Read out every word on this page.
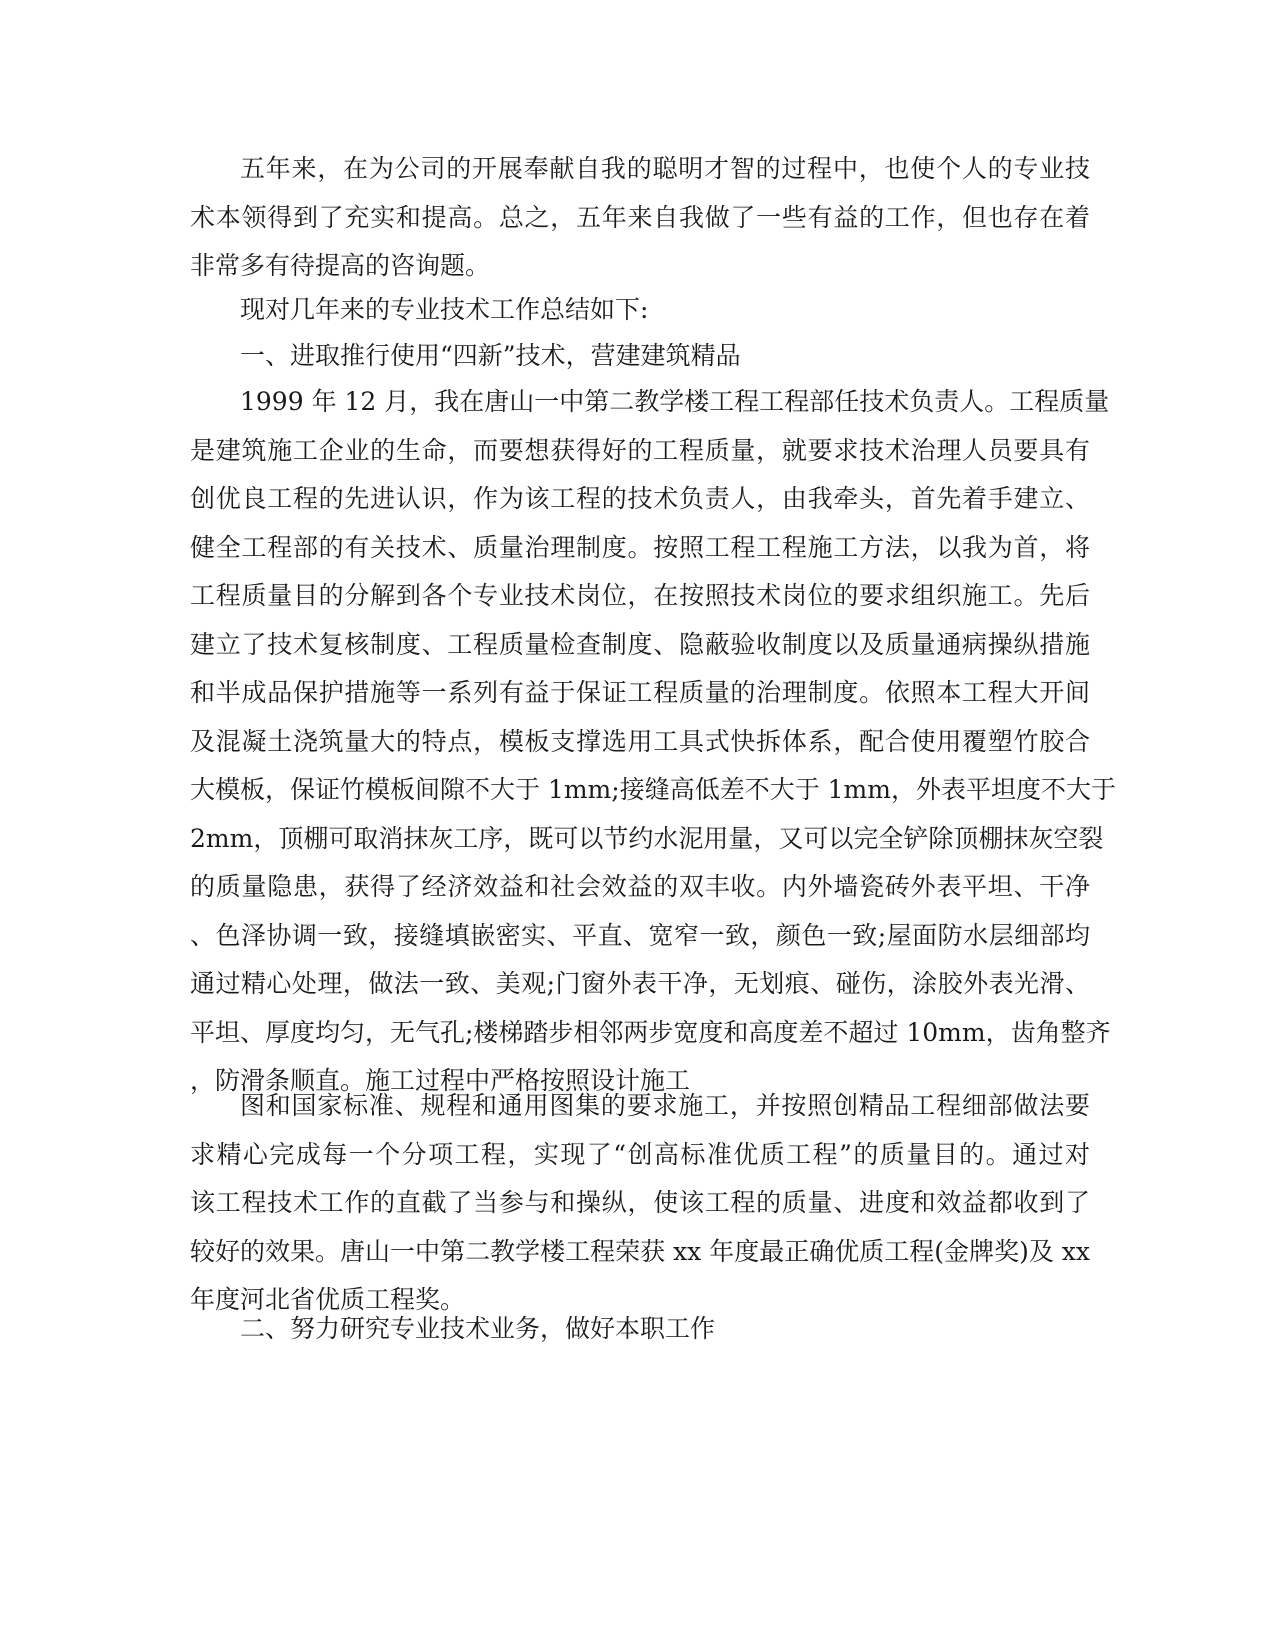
五年来，在为公司的开展奉献自我的聪明才智的过程中，也使个人的专业技
术本领得到了充实和提高。总之，五年来自我做了一些有益的工作，但也存在着
非常多有待提高的咨询题。
现对几年来的专业技术工作总结如下:
一、进取推行使用“四新”技术，营建建筑精品
1999 年 12 月，我在唐山一中第二教学楼工程工程部任技术负责人。工程质量
是建筑施工企业的生命，而要想获得好的工程质量，就要求技术治理人员要具有
创优良工程的先进认识，作为该工程的技术负责人，由我牵头，首先着手建立、
健全工程部的有关技术、质量治理制度。按照工程工程施工方法，以我为首，将
工程质量目的分解到各个专业技术岗位，在按照技术岗位的要求组织施工。先后
建立了技术复核制度、工程质量检查制度、隐蔽验收制度以及质量通病操纵措施
和半成品保护措施等一系列有益于保证工程质量的治理制度。依照本工程大开间
及混凝土浇筑量大的特点，模板支撑选用工具式快拆体系，配合使用覆塑竹胶合
大模板，保证竹模板间隙不大于 1mm;接缝高低差不大于 1mm，外表平坦度不大于
2mm，顶棚可取消抹灰工序，既可以节约水泥用量，又可以完全铲除顶棚抹灰空裂
的质量隐患，获得了经济效益和社会效益的双丰收。内外墙瓷砖外表平坦、干净
、色泽协调一致，接缝填嵌密实、平直、宽窄一致，颜色一致;屋面防水层细部均
通过精心处理，做法一致、美观;门窗外表干净，无划痕、碰伤，涂胶外表光滑、
平坦、厚度均匀，无气孔;楼梯踏步相邻两步宽度和高度差不超过 10mm，齿角整齐
，防滑条顺直。施工过程中严格按照设计施工
图和国家标准、规程和通用图集的要求施工，并按照创精品工程细部做法要
求精心完成每一个分项工程，实现了“创高标准优质工程”的质量目的。通过对
该工程技术工作的直截了当参与和操纵，使该工程的质量、进度和效益都收到了
较好的效果。唐山一中第二教学楼工程荣获 xx 年度最正确优质工程(金牌奖)及 xx
年度河北省优质工程奖。
二、努力研究专业技术业务，做好本职工作
